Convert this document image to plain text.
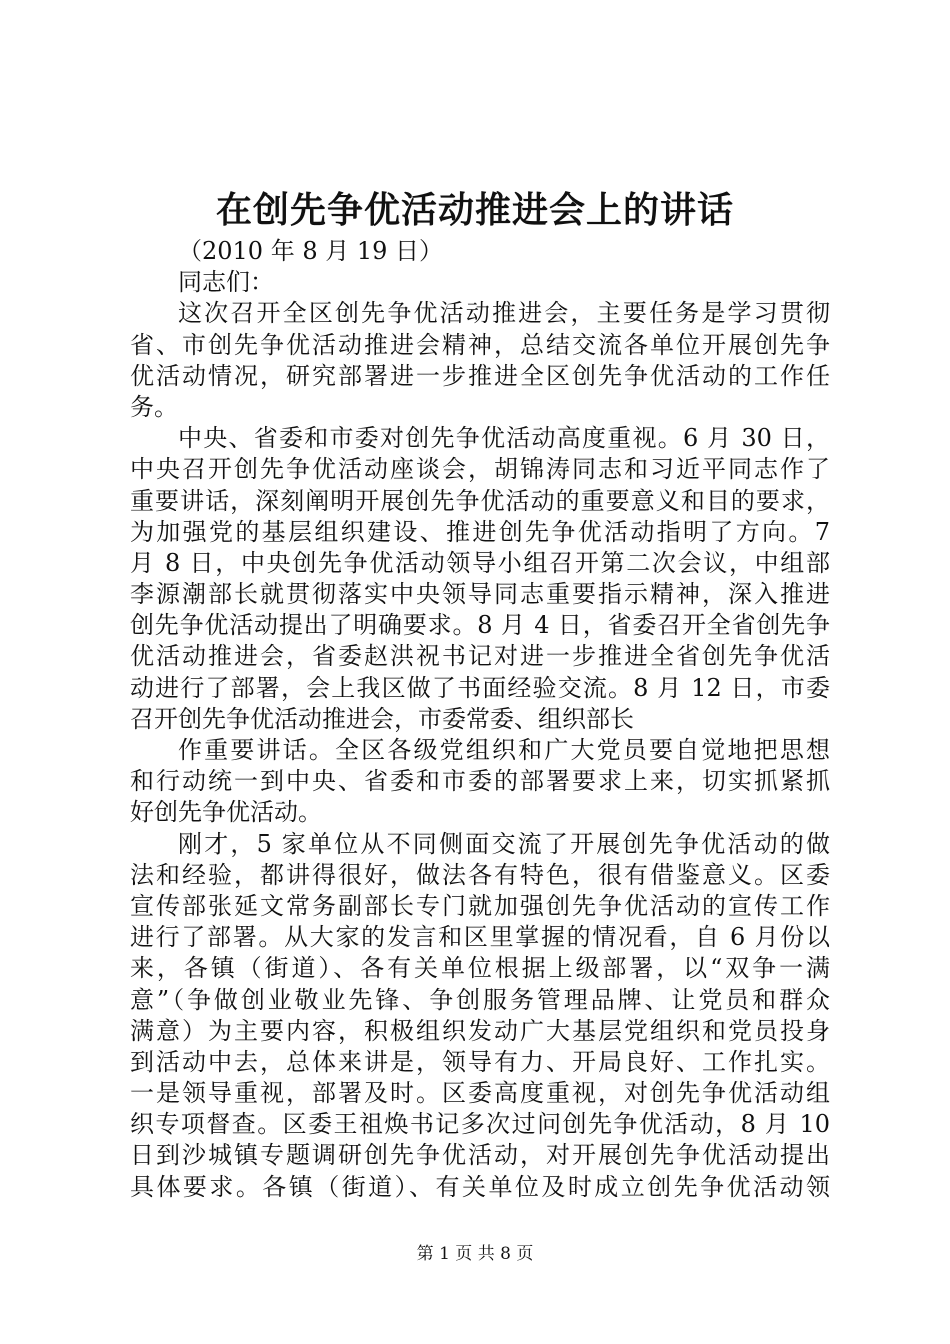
在创先争优活动推进会上的讲话
（2010 年 8 月 19 日）
同志们：
这次召开全区创先争优活动推进会，主要任务是学习贯彻
省、市创先争优活动推进会精神，总结交流各单位开展创先争
优活动情况，研究部署进一步推进全区创先争优活动的工作任
务。
中央、省委和市委对创先争优活动高度重视。6 月 30 日，
中央召开创先争优活动座谈会，胡锦涛同志和习近平同志作了
重要讲话，深刻阐明开展创先争优活动的重要意义和目的要求，
为加强党的基层组织建设、推进创先争优活动指明了方向。7
月 8 日，中央创先争优活动领导小组召开第二次会议，中组部
李源潮部长就贯彻落实中央领导同志重要指示精神，深入推进
创先争优活动提出了明确要求。8 月 4 日，省委召开全省创先争
优活动推进会，省委赵洪祝书记对进一步推进全省创先争优活
动进行了部署，会上我区做了书面经验交流。8 月 12 日，市委
召开创先争优活动推进会，市委常委、组织部长
作重要讲话。全区各级党组织和广大党员要自觉地把思想
和行动统一到中央、省委和市委的部署要求上来，切实抓紧抓
好创先争优活动。
刚才，5 家单位从不同侧面交流了开展创先争优活动的做
法和经验，都讲得很好，做法各有特色，很有借鉴意义。区委
宣传部张延文常务副部长专门就加强创先争优活动的宣传工作
进行了部署。从大家的发言和区里掌握的情况看，自 6 月份以
来，各镇（街道）、各有关单位根据上级部署，以“双争一满
意”（争做创业敬业先锋、争创服务管理品牌、让党员和群众
满意）为主要内容，积极组织发动广大基层党组织和党员投身
到活动中去，总体来讲是，领导有力、开局良好、工作扎实。
一是领导重视，部署及时。区委高度重视，对创先争优活动组
织专项督查。区委王祖焕书记多次过问创先争优活动，8 月 10
日到沙城镇专题调研创先争优活动，对开展创先争优活动提出
具体要求。各镇（街道）、有关单位及时成立创先争优活动领
第 1 页 共 8 页
